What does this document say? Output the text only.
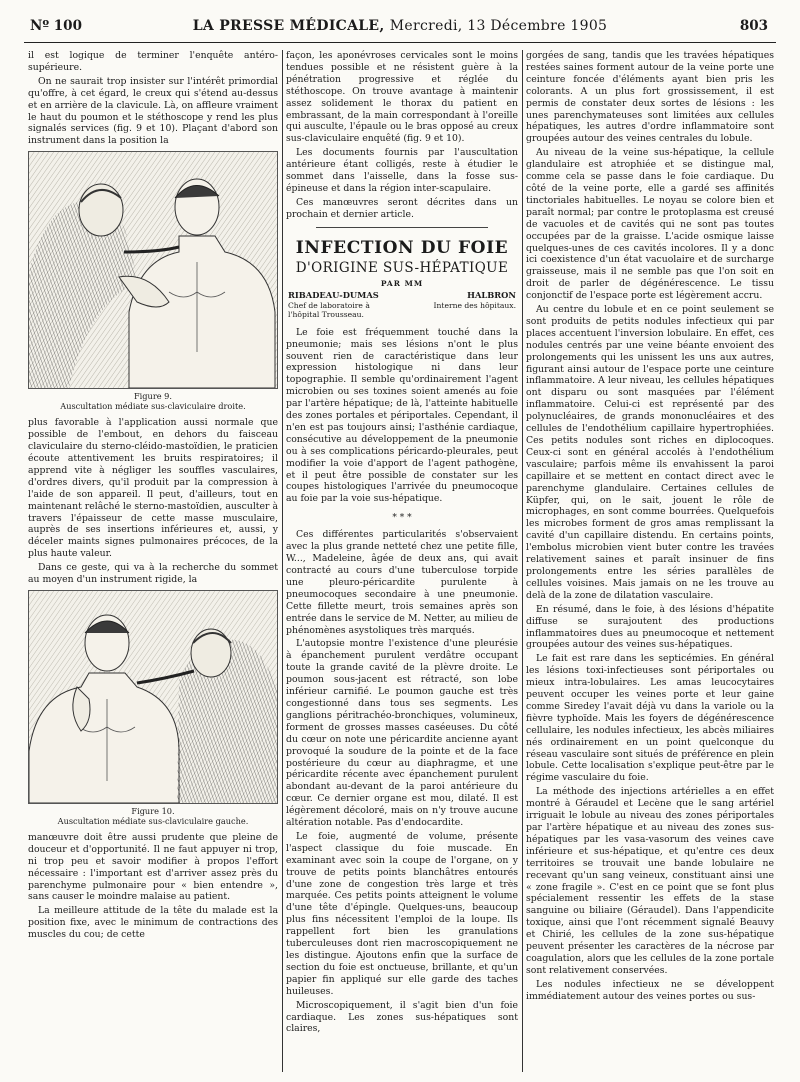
Nº 100	LA PRESSE MÉDICALE, Mercredi, 13 Décembre 1905	803

il est logique de terminer l'enquête antéro-supérieure.

On ne saurait trop insister sur l'intérêt primordial qu'offre, à cet égard, le creux qui s'étend au-dessus et en arrière de la clavicule. Là, on affleure vraiment le haut du poumon et le stéthoscope y rend les plus signalés services (fig. 9 et 10). Plaçant d'abord son instrument dans la position la

Figure 9.
Auscultation médiate sus-claviculaire droite.

plus favorable à l'application aussi normale que possible de l'embout, en dehors du faisceau claviculaire du sterno-cléido-mastoïdien, le praticien écoute attentivement les bruits respiratoires; il apprend vite à négliger les souffles vasculaires, d'ordres divers, qu'il produit par la compression à l'aide de son appareil. Il peut, d'ailleurs, tout en maintenant relâché le sterno-mastoïdien, ausculter à travers l'épaisseur de cette masse musculaire, auprès de ses insertions inférieures et, aussi, y déceler maints signes pulmonaires précoces, de la plus haute valeur.

Dans ce geste, qui va à la recherche du sommet au moyen d'un instrument rigide, la

Figure 10.
Auscultation médiate sus-claviculaire gauche.

manœuvre doit être aussi prudente que pleine de douceur et d'opportunité. Il ne faut appuyer ni trop, ni trop peu et savoir modifier à propos l'effort nécessaire : l'important est d'arriver assez près du parenchyme pulmonaire pour « bien entendre », sans causer le moindre malaise au patient.

La meilleure attitude de la tête du malade est la position fixe, avec le minimum de contractions des muscles du cou; de cette

façon, les aponévroses cervicales sont le moins tendues possible et ne résistent guère à la pénétration progressive et réglée du stéthoscope. On trouve avantage à maintenir assez solidement le thorax du patient en embrassant, de la main correspondant à l'oreille qui ausculte, l'épaule ou le bras opposé au creux sus-claviculaire enquêté (fig. 9 et 10).

Les documents fournis par l'auscultation antérieure étant colligés, reste à étudier le sommet dans l'aisselle, dans la fosse sus-épineuse et dans la région inter-scapulaire.

Ces manœuvres seront décrites dans un prochain et dernier article.

INFECTION DU FOIE
D'ORIGINE SUS-HÉPATIQUE
PAR MM
RIBADEAU-DUMAS	HALBRON
Chef de laboratoire à l'hôpital Trousseau.
Interne des hôpitaux.

Le foie est fréquemment touché dans la pneumonie; mais ses lésions n'ont le plus souvent rien de caractéristique dans leur expression histologique ni dans leur topographie. Il semble qu'ordinairement l'agent microbien ou ses toxines soient amenés au foie par l'artère hépatique; de là, l'atteinte habituelle des zones portales et périportales. Cependant, il n'en est pas toujours ainsi; l'asthénie cardiaque, consécutive au développement de la pneumonie ou à ses complications péricardo-pleurales, peut modifier la voie d'apport de l'agent pathogène, et il peut être possible de constater sur les coupes histologiques l'arrivée du pneumocoque au foie par la voie sus-hépatique.

* * *

Ces différentes particularités s'observaient avec la plus grande netteté chez une petite fille, W..., Madeleine, âgée de deux ans, qui avait contracté au cours d'une tuberculose torpide une pleuro-péricardite purulente à pneumocoques secondaire à une pneumonie. Cette fillette meurt, trois semaines après son entrée dans le service de M. Netter, au milieu de phénomènes asystoliques très marqués.

L'autopsie montre l'existence d'une pleurésie à épanchement purulent verdâtre occupant toute la grande cavité de la plèvre droite. Le poumon sous-jacent est rétracté, son lobe inférieur carnifié. Le poumon gauche est très congestionné dans tous ses segments. Les ganglions péritrachéo-bronchiques, volumineux, forment de grosses masses caséeuses. Du côté du cœur on note une péricardite ancienne ayant provoqué la soudure de la pointe et de la face postérieure du cœur au diaphragme, et une péricardite récente avec épanchement purulent abondant au-devant de la paroi antérieure du cœur. Ce dernier organe est mou, dilaté. Il est légèrement décoloré, mais on n'y trouve aucune altération notable. Pas d'endocardite.

Le foie, augmenté de volume, présente l'aspect classique du foie muscade. En examinant avec soin la coupe de l'organe, on y trouve de petits points blanchâtres entourés d'une zone de congestion très large et très marquée. Ces petits points atteignent le volume d'une tête d'épingle. Quelques-uns, beaucoup plus fins nécessitent l'emploi de la loupe. Ils rappellent fort bien les granulations tuberculeuses dont rien macroscopiquement ne les distingue. Ajoutons enfin que la surface de section du foie est onctueuse, brillante, et qu'un papier fin appliqué sur elle garde des taches huileuses.

Microscopiquement, il s'agit bien d'un foie cardiaque. Les zones sus-hépatiques sont claires,

gorgées de sang, tandis que les travées hépatiques restées saines forment autour de la veine porte une ceinture foncée d'éléments ayant bien pris les colorants. A un plus fort grossissement, il est permis de constater deux sortes de lésions : les unes parenchymateuses sont limitées aux cellules hépatiques, les autres d'ordre inflammatoire sont groupées autour des veines centrales du lobule.

Au niveau de la veine sus-hépatique, la cellule glandulaire est atrophiée et se distingue mal, comme cela se passe dans le foie cardiaque. Du côté de la veine porte, elle a gardé ses affinités tinctoriales habituelles. Le noyau se colore bien et paraît normal; par contre le protoplasma est creusé de vacuoles et de cavités qui ne sont pas toutes occupées par de la graisse. L'acide osmique laisse quelques-unes de ces cavités incolores. Il y a donc ici coexistence d'un état vacuolaire et de surcharge graisseuse, mais il ne semble pas que l'on soit en droit de parler de dégénérescence. Le tissu conjonctif de l'espace porte est légèrement accru.

Au centre du lobule et en ce point seulement se sont produits de petits nodules infectieux qui par places accentuent l'inversion lobulaire. En effet, ces nodules centrés par une veine béante envoient des prolongements qui les unissent les uns aux autres, figurant ainsi autour de l'espace porte une ceinture inflammatoire. A leur niveau, les cellules hépatiques ont disparu ou sont masquées par l'élément inflammatoire. Celui-ci est représenté par des polynucléaires, de grands mononucléaires et des cellules de l'endothélium capillaire hypertrophiées. Ces petits nodules sont riches en diplocoques. Ceux-ci sont en général accolés à l'endothélium vasculaire; parfois même ils envahissent la paroi capillaire et se mettent en contact direct avec le parenchyme glandulaire. Certaines cellules de Küpfer, qui, on le sait, jouent le rôle de microphages, en sont comme bourrées. Quelquefois les microbes forment de gros amas remplissant la cavité d'un capillaire distendu. En certains points, l'embolus microbien vient buter contre les travées relativement saines et paraît insinuer de fins prolongements entre les séries parallèles de cellules voisines. Mais jamais on ne les trouve au delà de la zone de dilatation vasculaire.

En résumé, dans le foie, à des lésions d'hépatite diffuse se surajoutent des productions inflammatoires dues au pneumocoque et nettement groupées autour des veines sus-hépatiques.

Le fait est rare dans les septicémies. En général les lésions toxi-infectieuses sont périportales ou mieux intra-lobulaires. Les amas leucocytaires peuvent occuper les veines porte et leur gaine comme Siredey l'avait déjà vu dans la variole ou la fièvre typhoïde. Mais les foyers de dégénérescence cellulaire, les nodules infectieux, les abcès miliaires nés ordinairement en un point quelconque du réseau vasculaire sont situés de préférence en plein lobule. Cette localisation s'explique peut-être par le régime vasculaire du foie.

La méthode des injections artérielles a en effet montré à Géraudel et Lecène que le sang artériel irriguait le lobule au niveau des zones périportales par l'artère hépatique et au niveau des zones sus-hépatiques par les vasa-vasorum des veines cave inférieure et sus-hépatique, et qu'entre ces deux territoires se trouvait une bande lobulaire ne recevant qu'un sang veineux, constituant ainsi une « zone fragile ». C'est en ce point que se font plus spécialement ressentir les effets de la stase sanguine ou biliaire (Géraudel). Dans l'appendicite toxique, ainsi que l'ont récemment signalé Beauvy et Chirié, les cellules de la zone sus-hépatique peuvent présenter les caractères de la nécrose par coagulation, alors que les cellules de la zone portale sont relativement conservées.

Les nodules infectieux ne se développent immédiatement autour des veines portes ou sus-
